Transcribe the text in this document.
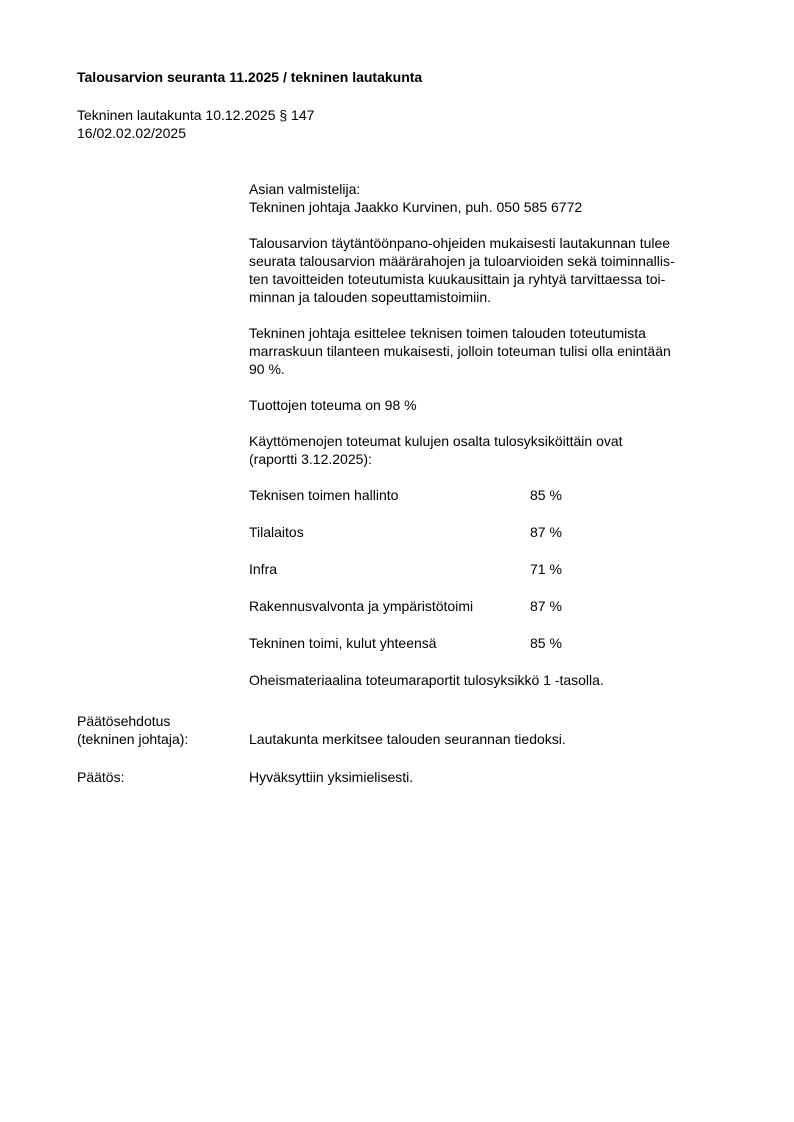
Talousarvion seuranta 11.2025 / tekninen lautakunta
Tekninen lautakunta 10.12.2025 § 147
16/02.02.02/2025
Asian valmistelija:
Tekninen johtaja Jaakko Kurvinen, puh. 050 585 6772
Talousarvion täytäntöönpano-ohjeiden mukaisesti lautakunnan tulee
seurata talousarvion määrärahojen ja tuloarvioiden sekä toiminnallis-
ten tavoitteiden toteutumista kuukausittain ja ryhtyä tarvittaessa toi-
minnan ja talouden sopeuttamistoimiin.
Tekninen johtaja esittelee teknisen toimen talouden toteutumista
marraskuun tilanteen mukaisesti, jolloin toteuman tulisi olla enintään
90 %.
Tuottojen toteuma on 98 %
Käyttömenojen toteumat kulujen osalta tulosyksiköittäin ovat
(raportti 3.12.2025):
Teknisen toimen hallinto	85 %
Tilalaitos	87 %
Infra	71 %
Rakennusvalvonta ja ympäristötoimi	87 %
Tekninen toimi, kulut yhteensä	85 %
Oheismateriaalina toteumaraportit tulosyksikkö 1 -tasolla.
Päätösehdotus
(tekninen johtaja):	Lautakunta merkitsee talouden seurannan tiedoksi.
Päätös:	Hyväksyttiin yksimielisesti.
